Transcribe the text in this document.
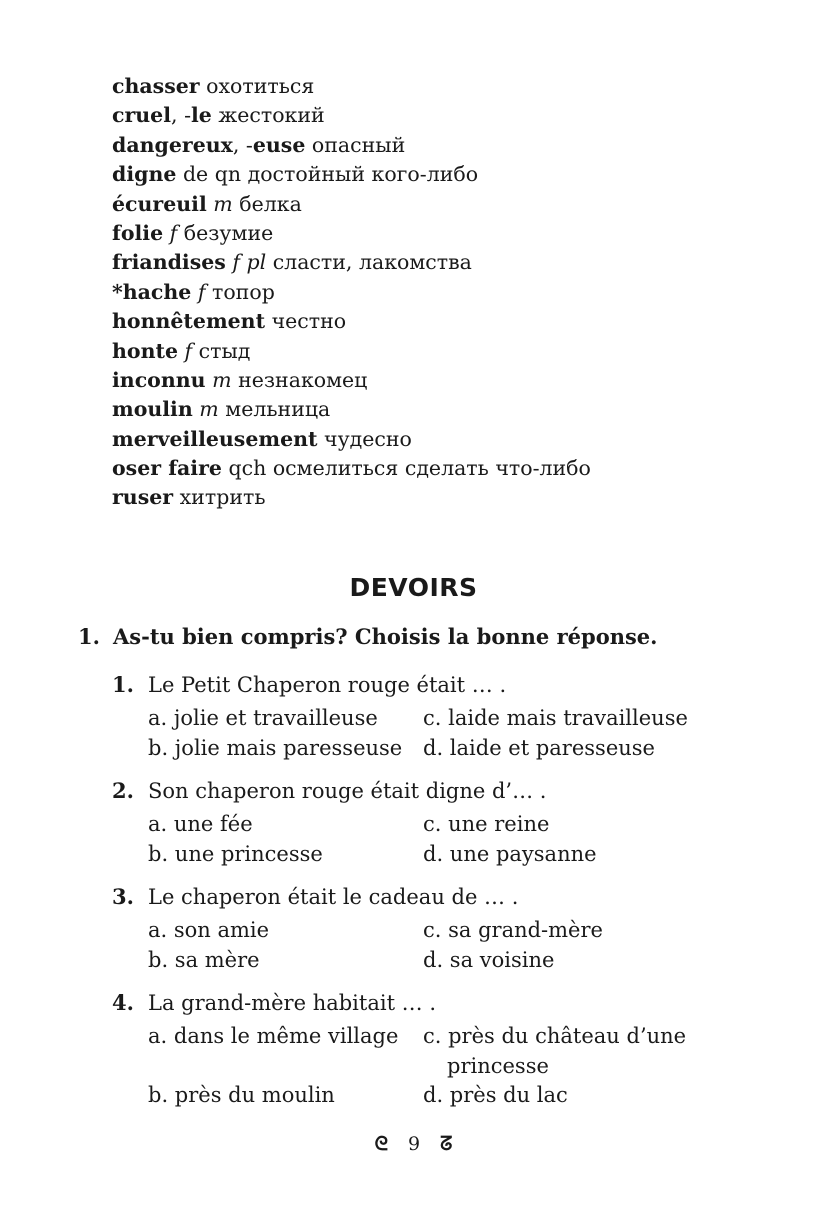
chasser охотиться
cruel, -le жестокий
dangereux, -euse опасный
digne de qn достойный кого-либо
écureuil m белка
folie f безумие
friandises f pl сласти, лакомства
*hache f топор
honnêtement честно
honte f стыд
inconnu m незнакомец
moulin m мельница
merveilleusement чудесно
oser faire qch осмелиться сделать что-либо
ruser хитрить
DEVOIRS
1. As-tu bien compris? Choisis la bonne réponse.
1. Le Petit Chaperon rouge était … .
a. jolie et travailleuse c. laide mais travailleuse
b. jolie mais paresseuse d. laide et paresseuse
2. Son chaperon rouge était digne d’… .
a. une fée	c. une reine
b. une princesse	d. une paysanne
3. Le chaperon était le cadeau de … .
a. son amie	c. sa grand-mère
b. sa mère	d. sa voisine
4. La grand-mère habitait … .
a. dans le même village c. près du château d’une
princesse
b. près du moulin	d. près du lac
ᘓ 9 ᘔ
